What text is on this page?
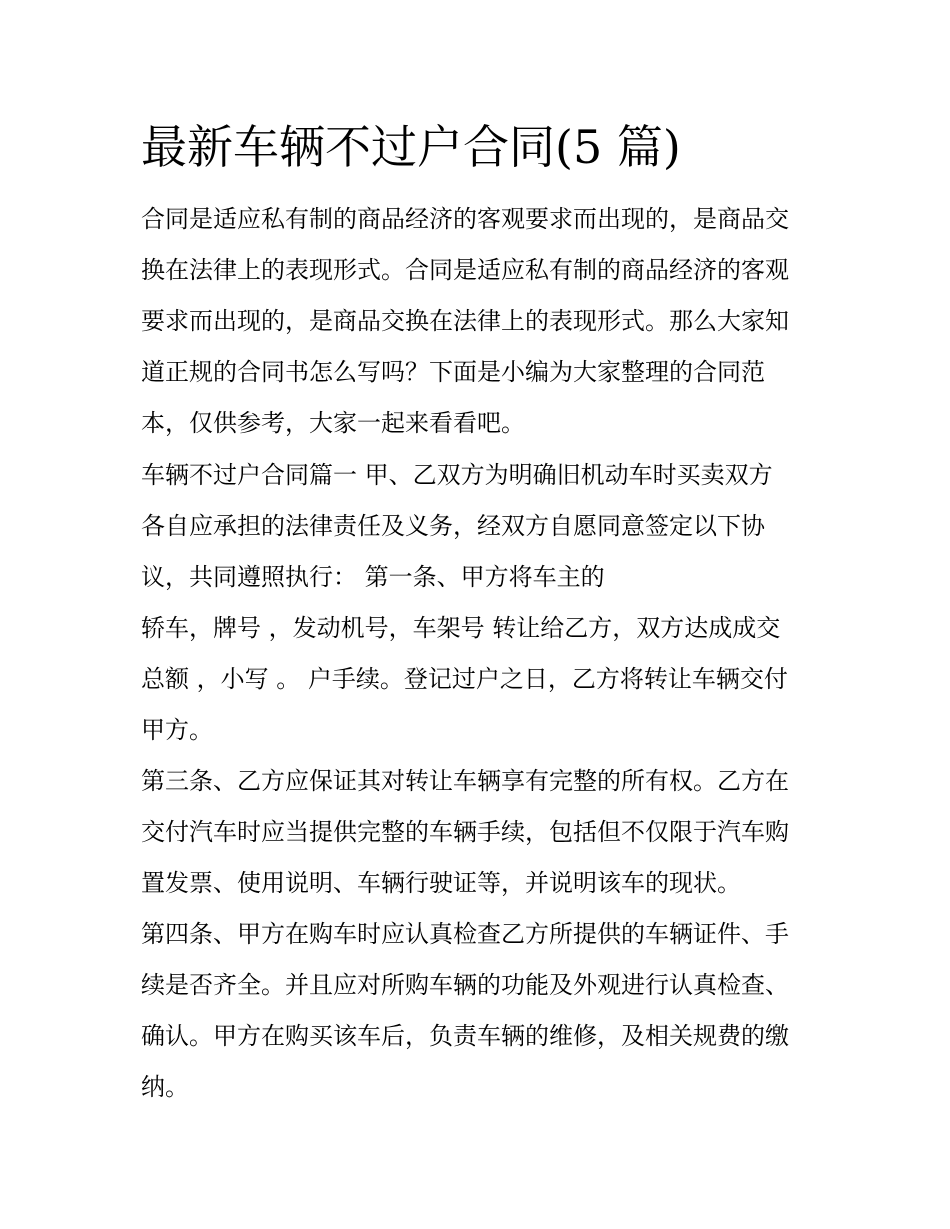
最新车辆不过户合同(5 篇)

合同是适应私有制的商品经济的客观要求而出现的，是商品交

换在法律上的表现形式。合同是适应私有制的商品经济的客观

要求而出现的，是商品交换在法律上的表现形式。那么大家知

道正规的合同书怎么写吗？下面是小编为大家整理的合同范

本，仅供参考，大家一起来看看吧。

车辆不过户合同篇一 甲、乙双方为明确旧机动车时买卖双方

各自应承担的法律责任及义务，经双方自愿同意签定以下协

议，共同遵照执行： 第一条、甲方将车主的

轿车，牌号 ，发动机号，车架号 转让给乙方，双方达成成交

总额 ，小写 。 户手续。登记过户之日，乙方将转让车辆交付

甲方。

第三条、乙方应保证其对转让车辆享有完整的所有权。乙方在

交付汽车时应当提供完整的车辆手续，包括但不仅限于汽车购

置发票、使用说明、车辆行驶证等，并说明该车的现状。

第四条、甲方在购车时应认真检查乙方所提供的车辆证件、手

续是否齐全。并且应对所购车辆的功能及外观进行认真检查、

确认。甲方在购买该车后，负责车辆的维修，及相关规费的缴

纳。
